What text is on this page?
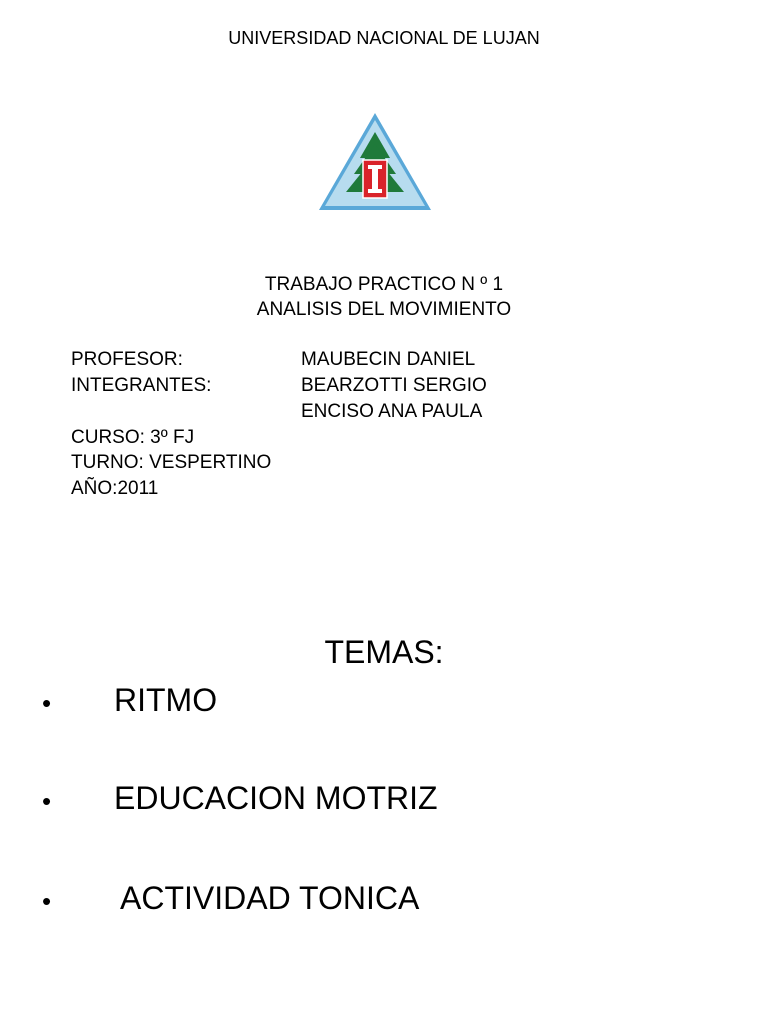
UNIVERSIDAD NACIONAL DE LUJAN
TRABAJO PRACTICO N º 1
ANALISIS DEL MOVIMIENTO
PROFESOR:	MAUBECIN DANIEL
INTEGRANTES:	BEARZOTTI SERGIO
ENCISO ANA PAULA
CURSO: 3º FJ
TURNO: VESPERTINO
AÑO:2011
TEMAS:
• RITMO
• EDUCACION MOTRIZ
• ACTIVIDAD TONICA
